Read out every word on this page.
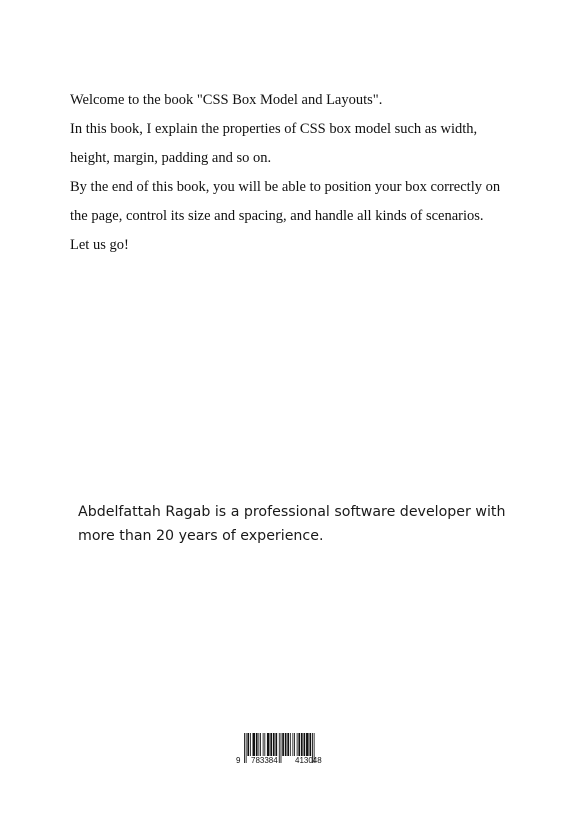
Welcome to the book "CSS Box Model and Layouts".

In this book, I explain the properties of CSS box model such as width, height, margin, padding and so on.

By the end of this book, you will be able to position your box correctly on the page, control its size and spacing, and handle all kinds of scenarios.

Let us go!

Abdelfattah Ragab is a professional software developer with more than 20 years of experience.

9 783384 413048
